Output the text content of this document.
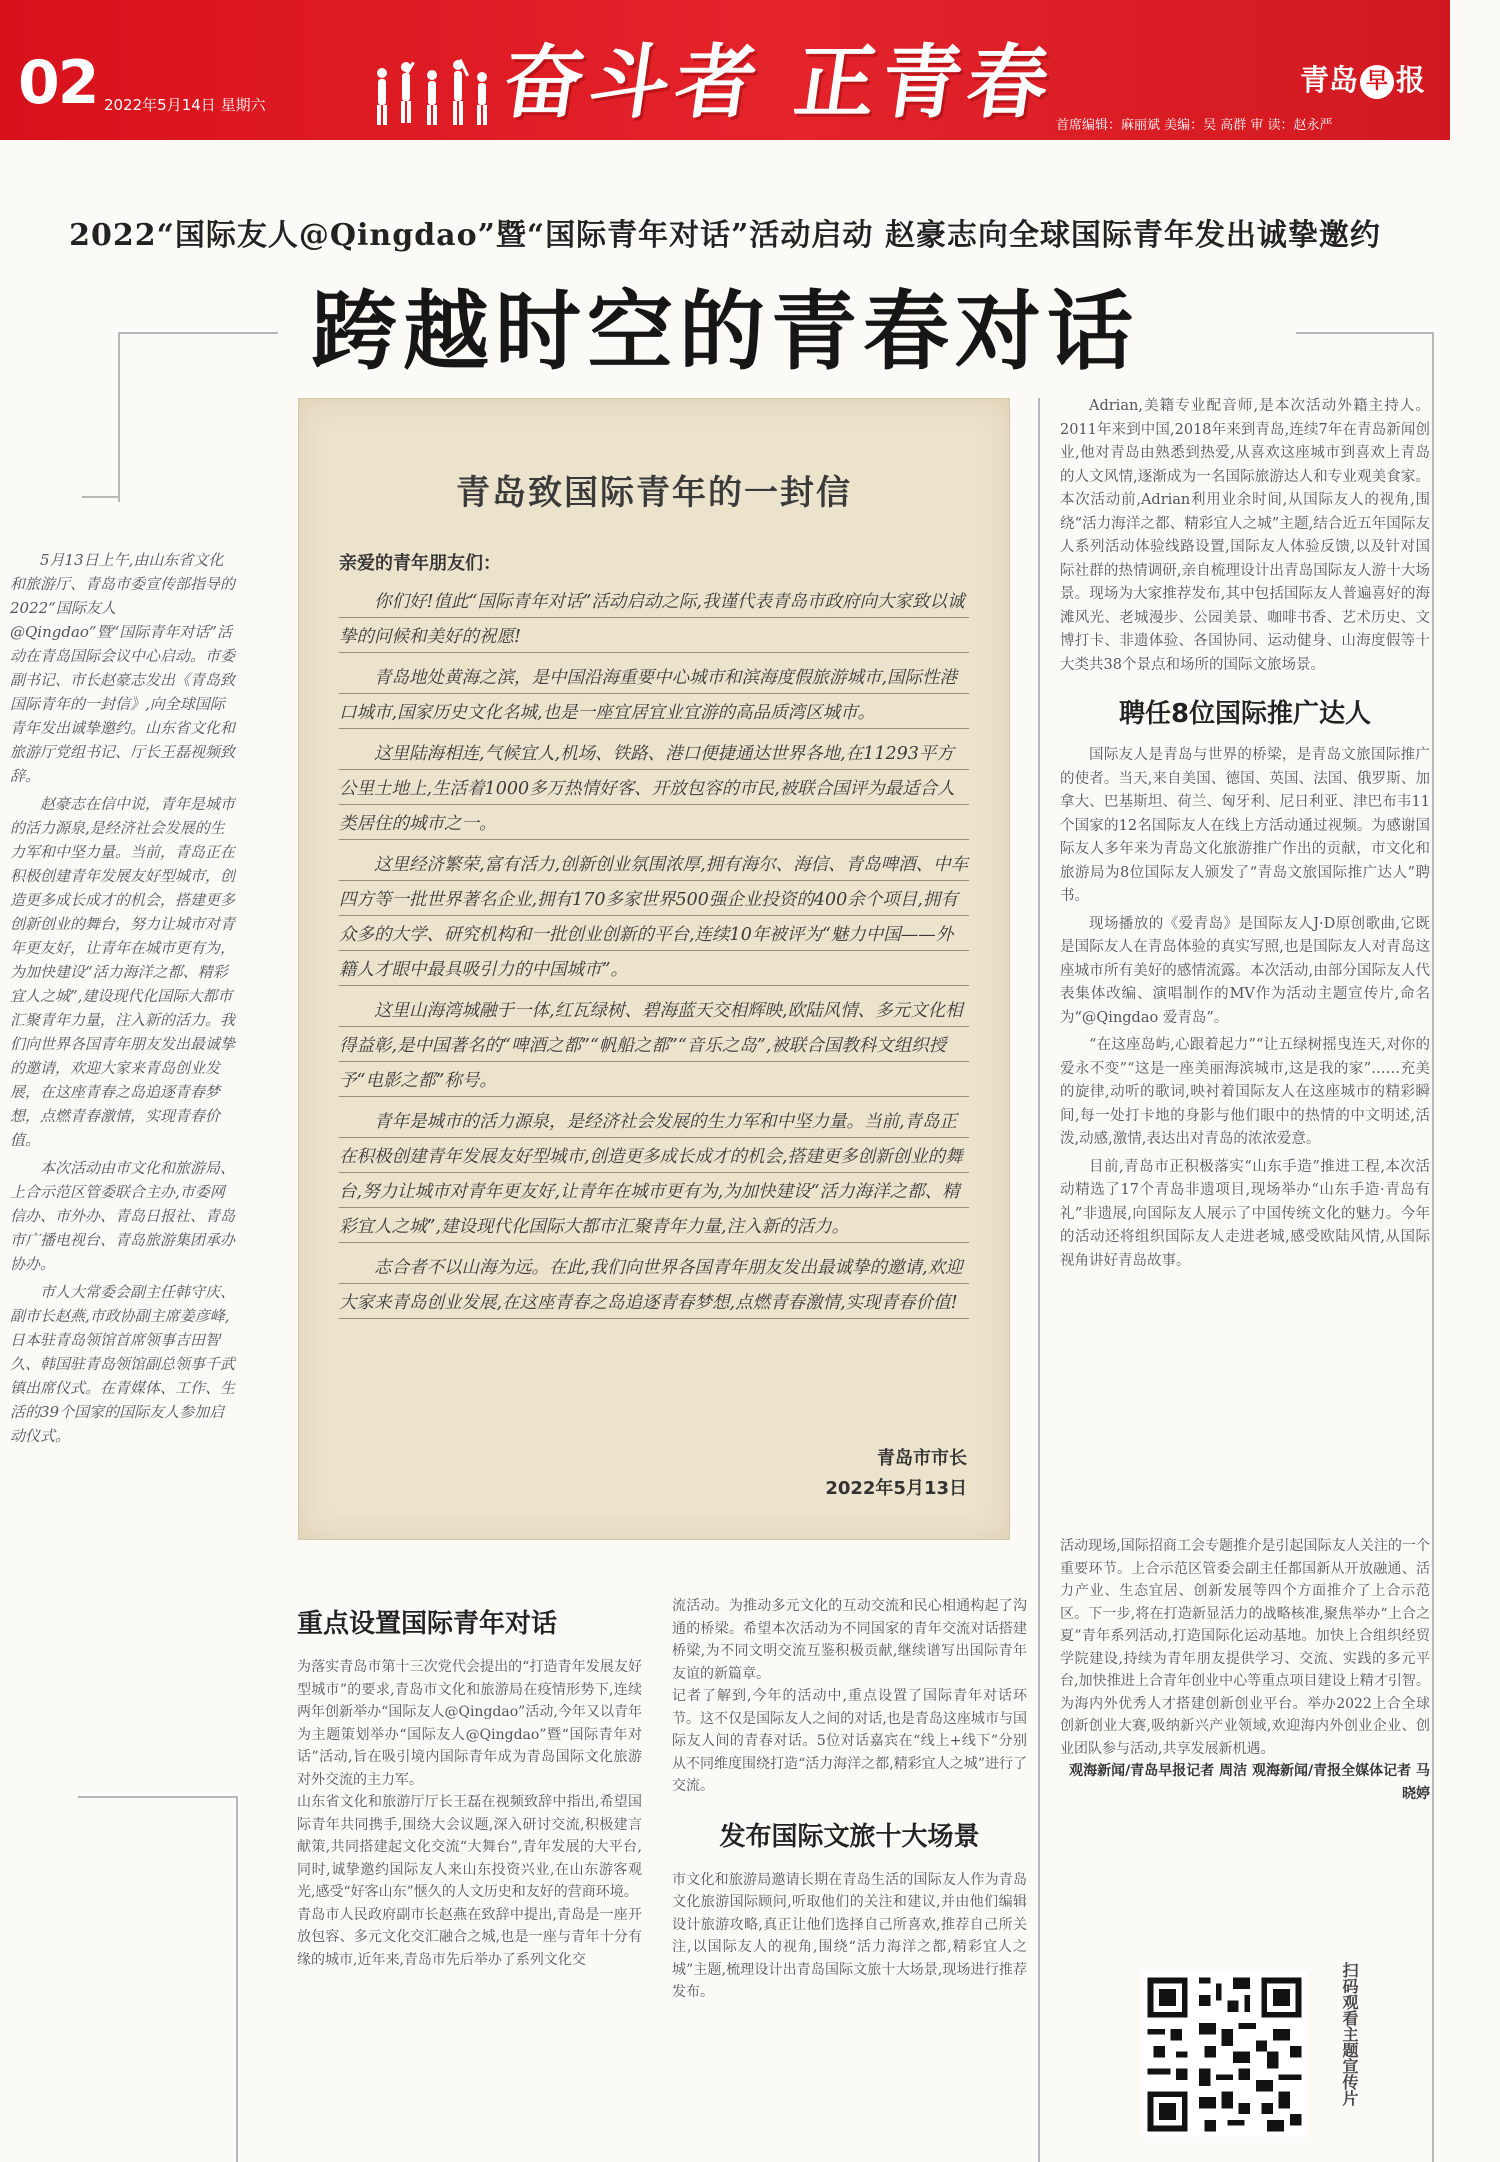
02 2022年5月14日 星期六	奋斗者 正青春	青岛 早 报
首席编辑：麻丽斌 美编：吴 高群 审 读：赵永严
2022“国际友人@Qingdao”暨“国际青年对话”活动启动 赵豪志向全球国际青年发出诚挚邀约
跨越时空的青春对话

5月13日上午,由山东省文化和旅游厅、青岛市委宣传部指导的2022“国际友人@Qingdao”暨“国际青年对话”活动在青岛国际会议中心启动。市委副书记、市长赵豪志发出《青岛致国际青年的一封信》,向全球国际青年发出诚挚邀约。山东省文化和旅游厅党组书记、厅长王磊视频致辞。

赵豪志在信中说，青年是城市的活力源泉,是经济社会发展的生力军和中坚力量。当前，青岛正在积极创建青年发展友好型城市，创造更多成长成才的机会，搭建更多创新创业的舞台，努力让城市对青年更友好，让青年在城市更有为，为加快建设“活力海洋之都、精彩宜人之城”,建设现代化国际大都市汇聚青年力量，注入新的活力。我们向世界各国青年朋友发出最诚挚的邀请，欢迎大家来青岛创业发展，在这座青春之岛追逐青春梦想，点燃青春激情，实现青春价值。

本次活动由市文化和旅游局、上合示范区管委联合主办,市委网信办、市外办、青岛日报社、青岛市广播电视台、青岛旅游集团承办协办。

市人大常委会副主任韩守庆、副市长赵燕,市政协副主席姜彦峰,日本驻青岛领馆首席领事吉田智久、韩国驻青岛领馆副总领事千武镇出席仪式。在青媒体、工作、生活的39个国家的国际友人参加启动仪式。

青岛致国际青年的一封信
亲爱的青年朋友们：

你们好!值此“国际青年对话”活动启动之际,我谨代表青岛市政府向大家致以诚挚的问候和美好的祝愿!

青岛地处黄海之滨，是中国沿海重要中心城市和滨海度假旅游城市,国际性港口城市,国家历史文化名城,也是一座宜居宜业宜游的高品质湾区城市。

这里陆海相连,气候宜人,机场、铁路、港口便捷通达世界各地,在11293平方公里土地上,生活着1000多万热情好客、开放包容的市民,被联合国评为最适合人类居住的城市之一。

这里经济繁荣,富有活力,创新创业氛围浓厚,拥有海尔、海信、青岛啤酒、中车四方等一批世界著名企业,拥有170多家世界500强企业投资的400余个项目,拥有众多的大学、研究机构和一批创业创新的平台,连续10年被评为“魅力中国——外籍人才眼中最具吸引力的中国城市”。

这里山海湾城融于一体,红瓦绿树、碧海蓝天交相辉映,欧陆风情、多元文化相得益彰,是中国著名的“啤酒之都”“帆船之都”“音乐之岛”,被联合国教科文组织授予“电影之都”称号。

青年是城市的活力源泉，是经济社会发展的生力军和中坚力量。当前,青岛正在积极创建青年发展友好型城市,创造更多成长成才的机会,搭建更多创新创业的舞台,努力让城市对青年更友好,让青年在城市更有为,为加快建设“活力海洋之都、精彩宜人之城”,建设现代化国际大都市汇聚青年力量,注入新的活力。

志合者不以山海为远。在此,我们向世界各国青年朋友发出最诚挚的邀请,欢迎大家来青岛创业发展,在这座青春之岛追逐青春梦想,点燃青春激情,实现青春价值!

青岛市市长
2022年5月13日

Adrian,美籍专业配音师,是本次活动外籍主持人。2011年来到中国,2018年来到青岛,连续7年在青岛新闻创业,他对青岛由熟悉到热爱,从喜欢这座城市到喜欢上青岛的人文风情,逐渐成为一名国际旅游达人和专业观美食家。本次活动前,Adrian利用业余时间,从国际友人的视角,围绕“活力海洋之都、精彩宜人之城”主题,结合近五年国际友人系列活动体验线路设置,国际友人体验反馈,以及针对国际社群的热情调研,亲自梳理设计出青岛国际友人游十大场景。现场为大家推荐发布,其中包括国际友人普遍喜好的海滩风光、老城漫步、公园美景、咖啡书香、艺术历史、文博打卡、非遗体验、各国协同、运动健身、山海度假等十大类共38个景点和场所的国际文旅场景。

聘任8位国际推广达人

国际友人是青岛与世界的桥梁，是青岛文旅国际推广的使者。当天,来自美国、德国、英国、法国、俄罗斯、加拿大、巴基斯坦、荷兰、匈牙利、尼日利亚、津巴布韦11个国家的12名国际友人在线上方活动通过视频。为感谢国际友人多年来为青岛文化旅游推广作出的贡献，市文化和旅游局为8位国际友人颁发了“青岛文旅国际推广达人”聘书。

现场播放的《爱青岛》是国际友人J·D原创歌曲,它既是国际友人在青岛体验的真实写照,也是国际友人对青岛这座城市所有美好的感情流露。本次活动,由部分国际友人代表集体改编、演唱制作的MV作为活动主题宣传片,命名为“@Qingdao 爱青岛”。

“在这座岛屿,心跟着起力”“让五绿树摇曳连天,对你的爱永不变”“这是一座美丽海滨城市,这是我的家”……充美的旋律,动听的歌词,映衬着国际友人在这座城市的精彩瞬间,每一处打卡地的身影与他们眼中的热情的中文明述,活泼,动感,激情,表达出对青岛的浓浓爱意。

目前,青岛市正积极落实“山东手造”推进工程,本次活动精选了17个青岛非遗项目,现场举办“山东手造·青岛有礼”非遗展,向国际友人展示了中国传统文化的魅力。今年的活动还将组织国际友人走进老城,感受欧陆风情,从国际视角讲好青岛故事。

重点设置国际青年对话

为落实青岛市第十三次党代会提出的“打造青年发展友好型城市”的要求,青岛市文化和旅游局在疫情形势下,连续两年创新举办“国际友人@Qingdao”活动,今年又以青年为主题策划举办“国际友人@Qingdao”暨“国际青年对话”活动,旨在吸引境内国际青年成为青岛国际文化旅游对外交流的主力军。

山东省文化和旅游厅厅长王磊在视频致辞中指出,希望国际青年共同携手,围绕大会议题,深入研讨交流,积极建言献策,共同搭建起文化交流“大舞台”,青年发展的大平台,同时,诚挚邀约国际友人来山东投资兴业,在山东游客观光,感受“好客山东”惬久的人文历史和友好的营商环境。

青岛市人民政府副市长赵燕在致辞中提出,青岛是一座开放包容、多元文化交汇融合之城,也是一座与青年十分有缘的城市,近年来,青岛市先后举办了系列文化交

流活动。为推动多元文化的互动交流和民心相通构起了沟通的桥梁。希望本次活动为不同国家的青年交流对话搭建桥梁,为不同文明交流互鉴积极贡献,继续谱写出国际青年友谊的新篇章。

记者了解到,今年的活动中,重点设置了国际青年对话环节。这不仅是国际友人之间的对话,也是青岛这座城市与国际友人间的青春对话。5位对话嘉宾在“线上+线下”分别从不同维度围绕打造“活力海洋之都,精彩宜人之城”进行了交流。

发布国际文旅十大场景

市文化和旅游局邀请长期在青岛生活的国际友人作为青岛文化旅游国际顾问,听取他们的关注和建议,并由他们编辑设计旅游攻略,真正让他们选择自己所喜欢,推荐自己所关注,以国际友人的视角,围绕“活力海洋之都,精彩宜人之城”主题,梳理设计出青岛国际文旅十大场景,现场进行推荐发布。

活动现场,国际招商工会专题推介是引起国际友人关注的一个重要环节。上合示范区管委会副主任都国新从开放融通、活力产业、生态宜居、创新发展等四个方面推介了上合示范区。下一步,将在打造新显活力的战略核准,聚焦举办“上合之夏”青年系列活动,打造国际化运动基地。加快上合组织经贸学院建设,持续为青年朋友提供学习、交流、实践的多元平台,加快推进上合青年创业中心等重点项目建设上精才引智。为海内外优秀人才搭建创新创业平台。举办2022上合全球创新创业大赛,吸纳新兴产业领域,欢迎海内外创业企业、创业团队参与活动,共享发展新机遇。

观海新闻/青岛早报记者 周洁 观海新闻/青报全媒体记者 马晓婷

扫码观看主题宣传片
